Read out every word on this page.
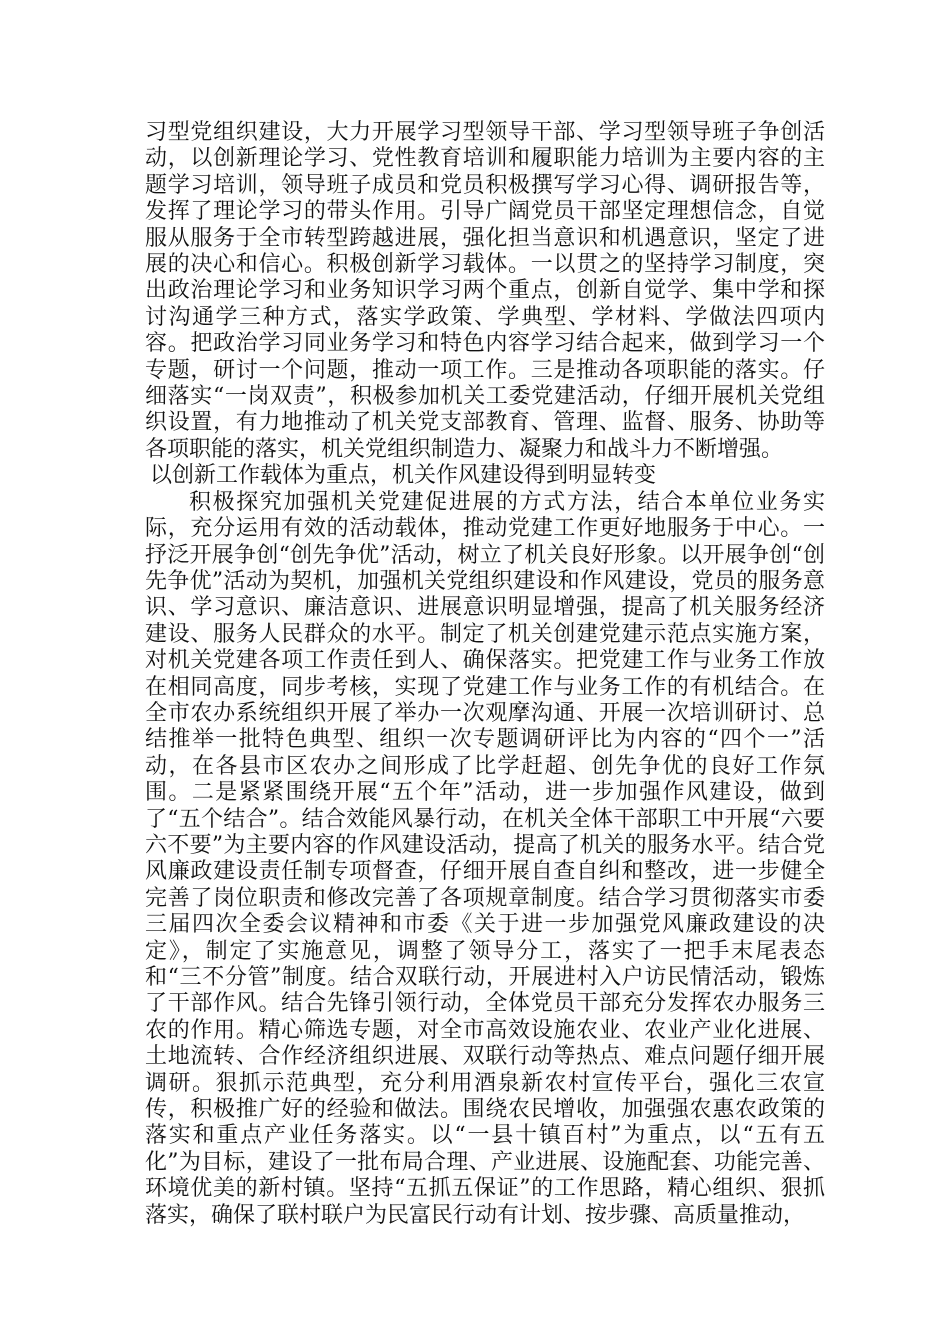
习型党组织建设，大力开展学习型领导干部、学习型领导班子争创活动，以创新理论学习、党性教育培训和履职能力培训为主要内容的主题学习培训，领导班子成员和党员积极撰写学习心得、调研报告等，发挥了理论学习的带头作用。引导广阔党员干部坚定理想信念，自觉服从服务于全市转型跨越进展，强化担当意识和机遇意识，坚定了进展的决心和信心。积极创新学习载体。一以贯之的坚持学习制度，突出政治理论学习和业务知识学习两个重点，创新自觉学、集中学和探讨沟通学三种方式，落实学政策、学典型、学材料、学做法四项内容。把政治学习同业务学习和特色内容学习结合起来，做到学习一个专题，研讨一个问题，推动一项工作。三是推动各项职能的落实。仔细落实“一岗双责”，积极参加机关工委党建活动，仔细开展机关党组织设置，有力地推动了机关党支部教育、管理、监督、服务、协助等各项职能的落实，机关党组织制造力、凝聚力和战斗力不断增强。

以创新工作载体为重点，机关作风建设得到明显转变

积极探究加强机关党建促进展的方式方法，结合本单位业务实际，充分运用有效的活动载体，推动党建工作更好地服务于中心。一抒泛开展争创“创先争优”活动，树立了机关良好形象。以开展争创“创先争优”活动为契机，加强机关党组织建设和作风建设，党员的服务意识、学习意识、廉洁意识、进展意识明显增强，提高了机关服务经济建设、服务人民群众的水平。制定了机关创建党建示范点实施方案，对机关党建各项工作责任到人、确保落实。把党建工作与业务工作放在相同高度，同步考核，实现了党建工作与业务工作的有机结合。在全市农办系统组织开展了举办一次观摩沟通、开展一次培训研讨、总结推举一批特色典型、组织一次专题调研评比为内容的“四个一”活动，在各县市区农办之间形成了比学赶超、创先争优的良好工作氛围。二是紧紧围绕开展“五个年”活动，进一步加强作风建设，做到了“五个结合”。结合效能风暴行动，在机关全体干部职工中开展“六要六不要”为主要内容的作风建设活动，提高了机关的服务水平。结合党风廉政建设责任制专项督查，仔细开展自查自纠和整改，进一步健全完善了岗位职责和修改完善了各项规章制度。结合学习贯彻落实市委三届四次全委会议精神和市委《关于进一步加强党风廉政建设的决定》，制定了实施意见，调整了领导分工，落实了一把手末尾表态和“三不分管”制度。结合双联行动，开展进村入户访民情活动，锻炼了干部作风。结合先锋引领行动，全体党员干部充分发挥农办服务三农的作用。精心筛选专题，对全市高效设施农业、农业产业化进展、土地流转、合作经济组织进展、双联行动等热点、难点问题仔细开展调研。狠抓示范典型，充分利用酒泉新农村宣传平台，强化三农宣传，积极推广好的经验和做法。围绕农民增收，加强强农惠农政策的落实和重点产业任务落实。以“一县十镇百村”为重点，以“五有五化”为目标，建设了一批布局合理、产业进展、设施配套、功能完善、环境优美的新村镇。坚持“五抓五保证”的工作思路，精心组织、狠抓落实，确保了联村联户为民富民行动有计划、按步骤、高质量推动，
